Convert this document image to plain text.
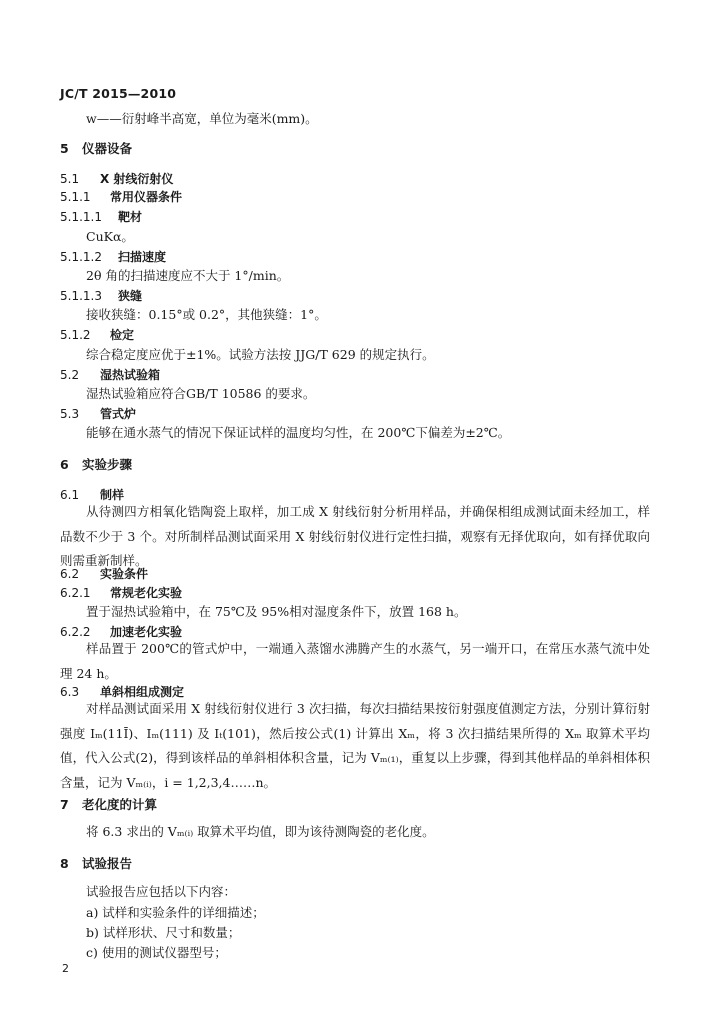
JC/T 2015—2010
w——衍射峰半高宽，单位为毫米(mm)。
5 仪器设备
5.1 X 射线衍射仪
5.1.1 常用仪器条件
5.1.1.1 靶材
CuKα。
5.1.1.2 扫描速度
2θ 角的扫描速度应不大于 1°/min。
5.1.1.3 狭缝
接收狭缝：0.15°或 0.2°，其他狭缝：1°。
5.1.2 检定
综合稳定度应优于±1%。试验方法按 JJG/T 629 的规定执行。
5.2 湿热试验箱
湿热试验箱应符合GB/T 10586 的要求。
5.3 管式炉
能够在通水蒸气的情况下保证试样的温度均匀性，在 200℃下偏差为±2℃。
6 实验步骤
6.1 制样
从待测四方相氧化锆陶瓷上取样，加工成 X 射线衍射分析用样品，并确保相组成测试面未经加工，样品数不少于 3 个。对所制样品测试面采用 X 射线衍射仪进行定性扫描，观察有无择优取向，如有择优取向则需重新制样。
6.2 实验条件
6.2.1 常规老化实验
置于湿热试验箱中，在 75℃及 95%相对湿度条件下，放置 168 h。
6.2.2 加速老化实验
样品置于 200℃的管式炉中，一端通入蒸馏水沸腾产生的水蒸气，另一端开口，在常压水蒸气流中处理 24 h。
6.3 单斜相组成测定
对样品测试面采用 X 射线衍射仪进行 3 次扫描，每次扫描结果按衍射强度值测定方法，分别计算衍射强度 Iₘ(11Ī)、Iₘ(111) 及 Iₜ(101)，然后按公式(1) 计算出 Xₘ，将 3 次扫描结果所得的 Xₘ 取算术平均值，代入公式(2)，得到该样品的单斜相体积含量，记为 Vₘ₍₁₎，重复以上步骤，得到其他样品的单斜相体积含量，记为 Vₘ₍ᵢ₎，i = 1,2,3,4……n。
7 老化度的计算
将 6.3 求出的 Vₘ₍ᵢ₎ 取算术平均值，即为该待测陶瓷的老化度。
8 试验报告
试验报告应包括以下内容：
a) 试样和实验条件的详细描述；
b) 试样形状、尺寸和数量；
c) 使用的测试仪器型号；
2
